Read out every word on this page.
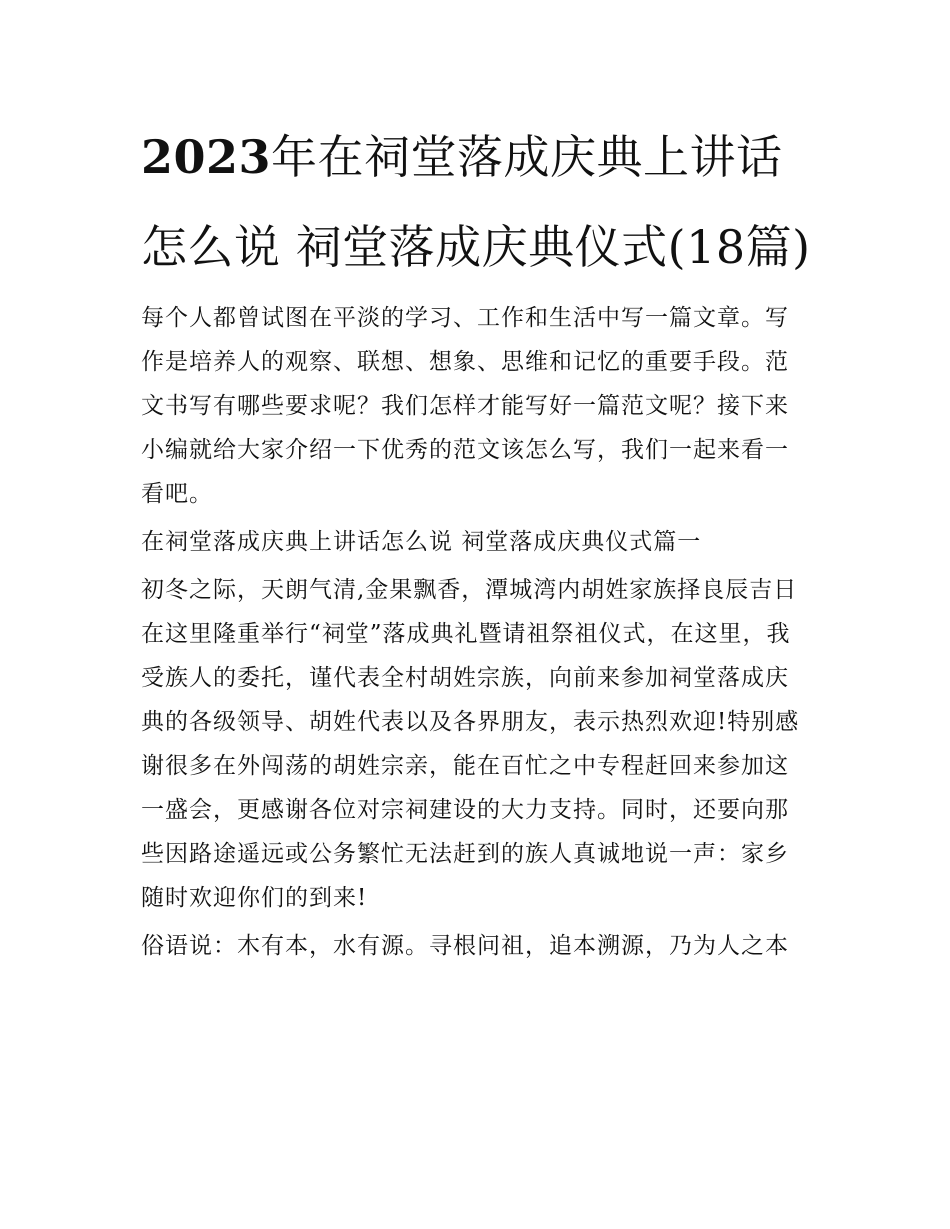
2023年在祠堂落成庆典上讲话怎么说 祠堂落成庆典仪式(18篇)

每个人都曾试图在平淡的学习、工作和生活中写一篇文章。写作是培养人的观察、联想、想象、思维和记忆的重要手段。范文书写有哪些要求呢？我们怎样才能写好一篇范文呢？接下来小编就给大家介绍一下优秀的范文该怎么写，我们一起来看一看吧。

在祠堂落成庆典上讲话怎么说 祠堂落成庆典仪式篇一

初冬之际，天朗气清,金果飘香，潭城湾内胡姓家族择良辰吉日在这里隆重举行“祠堂”落成典礼暨请祖祭祖仪式，在这里，我受族人的委托，谨代表全村胡姓宗族，向前来参加祠堂落成庆典的各级领导、胡姓代表以及各界朋友，表示热烈欢迎!特别感谢很多在外闯荡的胡姓宗亲，能在百忙之中专程赶回来参加这一盛会，更感谢各位对宗祠建设的大力支持。同时，还要向那些因路途遥远或公务繁忙无法赶到的族人真诚地说一声：家乡随时欢迎你们的到来!

俗语说：木有本，水有源。寻根问祖，追本溯源，乃为人之本
